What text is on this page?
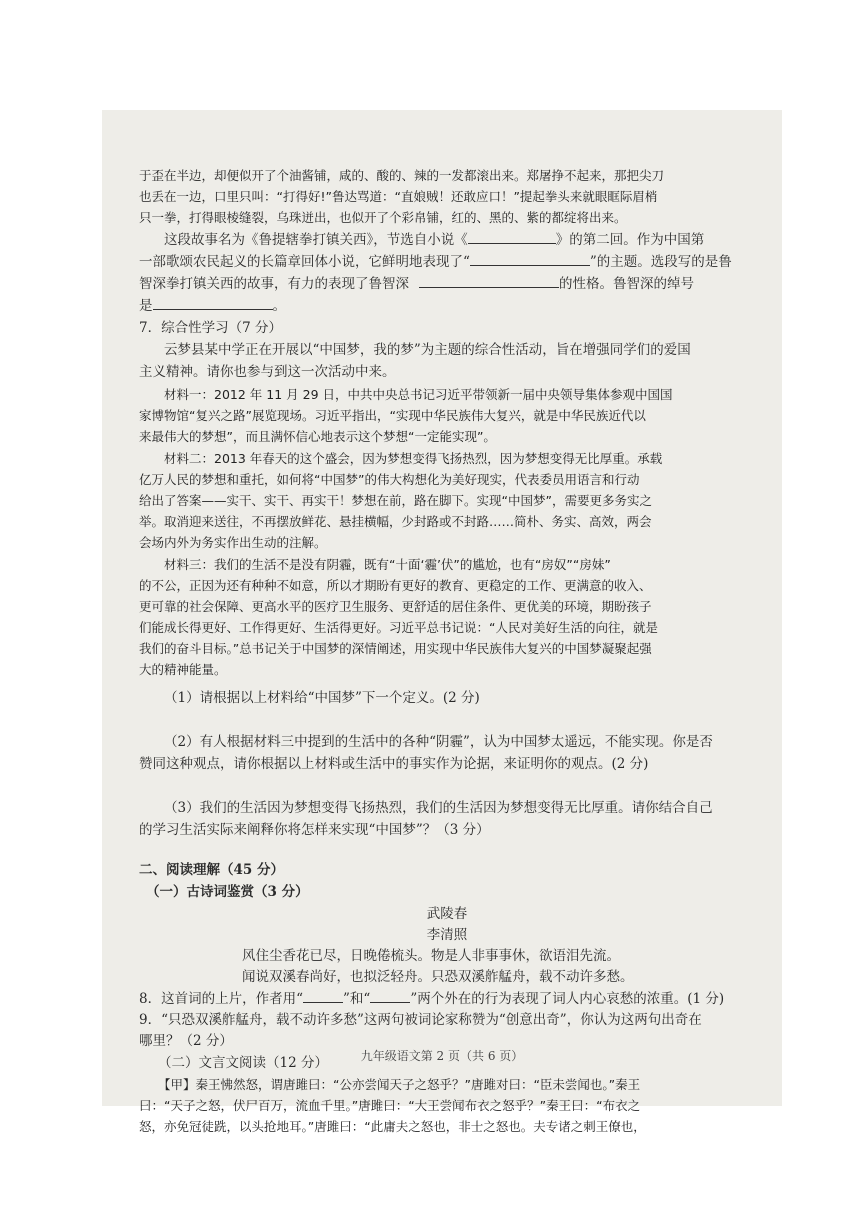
于歪在半边，却便似开了个油酱铺，咸的、酸的、辣的一发都滚出来。郑屠挣不起来，那把尖刀
也丢在一边，口里只叫：“打得好!”鲁达骂道：“直娘贼！还敢应口！”提起拳头来就眼眶际眉梢
只一拳，打得眼棱缝裂，乌珠迸出，也似开了个彩帛铺，红的、黑的、紫的都绽将出来。
这段故事名为《鲁提辖拳打镇关西》，节选自小说《	》的第二回。作为中国第
一部歌颂农民起义的长篇章回体小说，它鲜明地表现了“	”的主题。选段写的是鲁
智深拳打镇关西的故事，有力的表现了鲁智深	的性格。鲁智深的绰号
是	。
7．综合性学习（7 分）
云梦县某中学正在开展以“中国梦，我的梦”为主题的综合性活动，旨在增强同学们的爱国
主义精神。请你也参与到这一次活动中来。
材料一：2012 年 11 月 29 日，中共中央总书记习近平带领新一届中央领导集体参观中国国
家博物馆“复兴之路”展览现场。习近平指出，“实现中华民族伟大复兴，就是中华民族近代以
来最伟大的梦想”，而且满怀信心地表示这个梦想“一定能实现”。
材料二：2013 年春天的这个盛会，因为梦想变得飞扬热烈，因为梦想变得无比厚重。承载
亿万人民的梦想和重托，如何将“中国梦”的伟大构想化为美好现实，代表委员用语言和行动
给出了答案——实干、实干、再实干！梦想在前，路在脚下。实现“中国梦”，需要更多务实之
举。取消迎来送往，不再摆放鲜花、悬挂横幅，少封路或不封路……简朴、务实、高效，两会
会场内外为务实作出生动的注解。
材料三：我们的生活不是没有阴霾，既有“十面‘霾’伏”的尴尬，也有“房奴”“房妹”
的不公，正因为还有种种不如意，所以才期盼有更好的教育、更稳定的工作、更满意的收入、
更可靠的社会保障、更高水平的医疗卫生服务、更舒适的居住条件、更优美的环境，期盼孩子
们能成长得更好、工作得更好、生活得更好。习近平总书记说：“人民对美好生活的向往，就是
我们的奋斗目标。”总书记关于中国梦的深情阐述，用实现中华民族伟大复兴的中国梦凝聚起强
大的精神能量。
（1）请根据以上材料给“中国梦”下一个定义。(2 分)
（2）有人根据材料三中提到的生活中的各种“阴霾”，认为中国梦太遥远，不能实现。你是否
赞同这种观点，请你根据以上材料或生活中的事实作为论据，来证明你的观点。(2 分)
（3）我们的生活因为梦想变得飞扬热烈，我们的生活因为梦想变得无比厚重。请你结合自己
的学习生活实际来阐释你将怎样来实现“中国梦”？（3 分）
二、阅读理解（45 分）
（一）古诗词鉴赏（3 分）
武陵春
李清照
风住尘香花已尽，日晚倦梳头。物是人非事事休，欲语泪先流。
闻说双溪春尚好，也拟泛轻舟。只恐双溪舴艋舟，载不动许多愁。
8．这首词的上片，作者用“	”和“	”两个外在的行为表现了词人内心哀愁的浓重。(1 分)
9．“只恐双溪舴艋舟，载不动许多愁”这两句被词论家称赞为“创意出奇”，你认为这两句出奇在
哪里？（2 分）
（二）文言文阅读（12 分）
【甲】秦王怫然怒，谓唐雎曰：“公亦尝闻天子之怒乎？”唐雎对曰：“臣未尝闻也。”秦王
曰：“天子之怒，伏尸百万，流血千里。”唐雎曰：“大王尝闻布衣之怒乎？”秦王曰：“布衣之
怒，亦免冠徒跣，以头抢地耳。”唐雎曰：“此庸夫之怒也，非士之怒也。夫专诸之刺王僚也，
九年级语文第 2 页（共 6 页）
